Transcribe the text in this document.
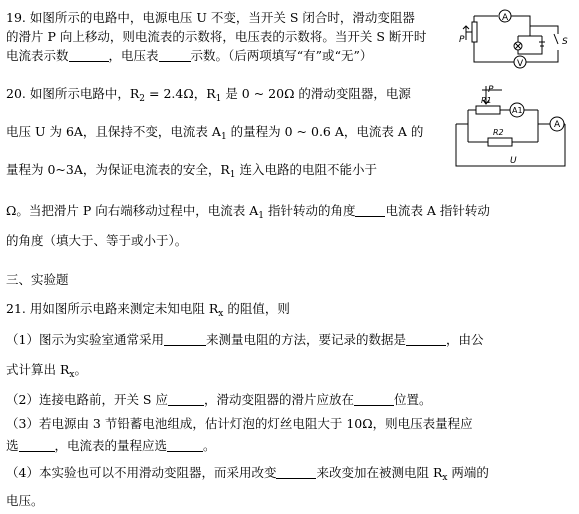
19. 如图所示的电路中，电源电压 U 不变，当开关 S 闭合时，滑动变阻器
的滑片 P 向上移动，则电流表的示数将，电压表的示数将。当开关 S 断开时
电流表示数	，电压表	示数。（后两项填写“有”或“无”）
A
V
P	S
20. 如图所示电路中，$R_2 = 2.4\Omega$，$R_1$ 是 0 ~ 20Ω 的滑动变阻器，电源
电压 U 为 6A，且保持不变，电流表 $A_1$ 的量程为 0 ~ 0.6 A，电流表 A 的
量程为 0~3A，为保证电流表的安全，$R_1$ 连入电路的电阻不能小于
Ω。当把滑片 P 向右端移动过程中，电流表 $A_1$ 指针转动的角度 电流表 A 指针转动
的角度（填大于、等于或小于）。
P
R1
R2
A1
A
U
三、实验题
21. 用如图所示电路来测定未知电阻 $R_x$ 的阻值，则
（1）图示为实验室通常采用	来测量电阻的方法，要记录的数据是	，由公
式计算出 $R_x$。
（2）连接电路前，开关 S 应	，滑动变阻器的滑片应放在	位置。
（3）若电源由 3 节铅蓄电池组成，估计灯泡的灯丝电阻大于 10Ω，则电压表量程应
选	，电流表的量程应选	。
（4）本实验也可以不用滑动变阻器，而采用改变	来改变加在被测电阻 $R_x$ 两端的
电压。
